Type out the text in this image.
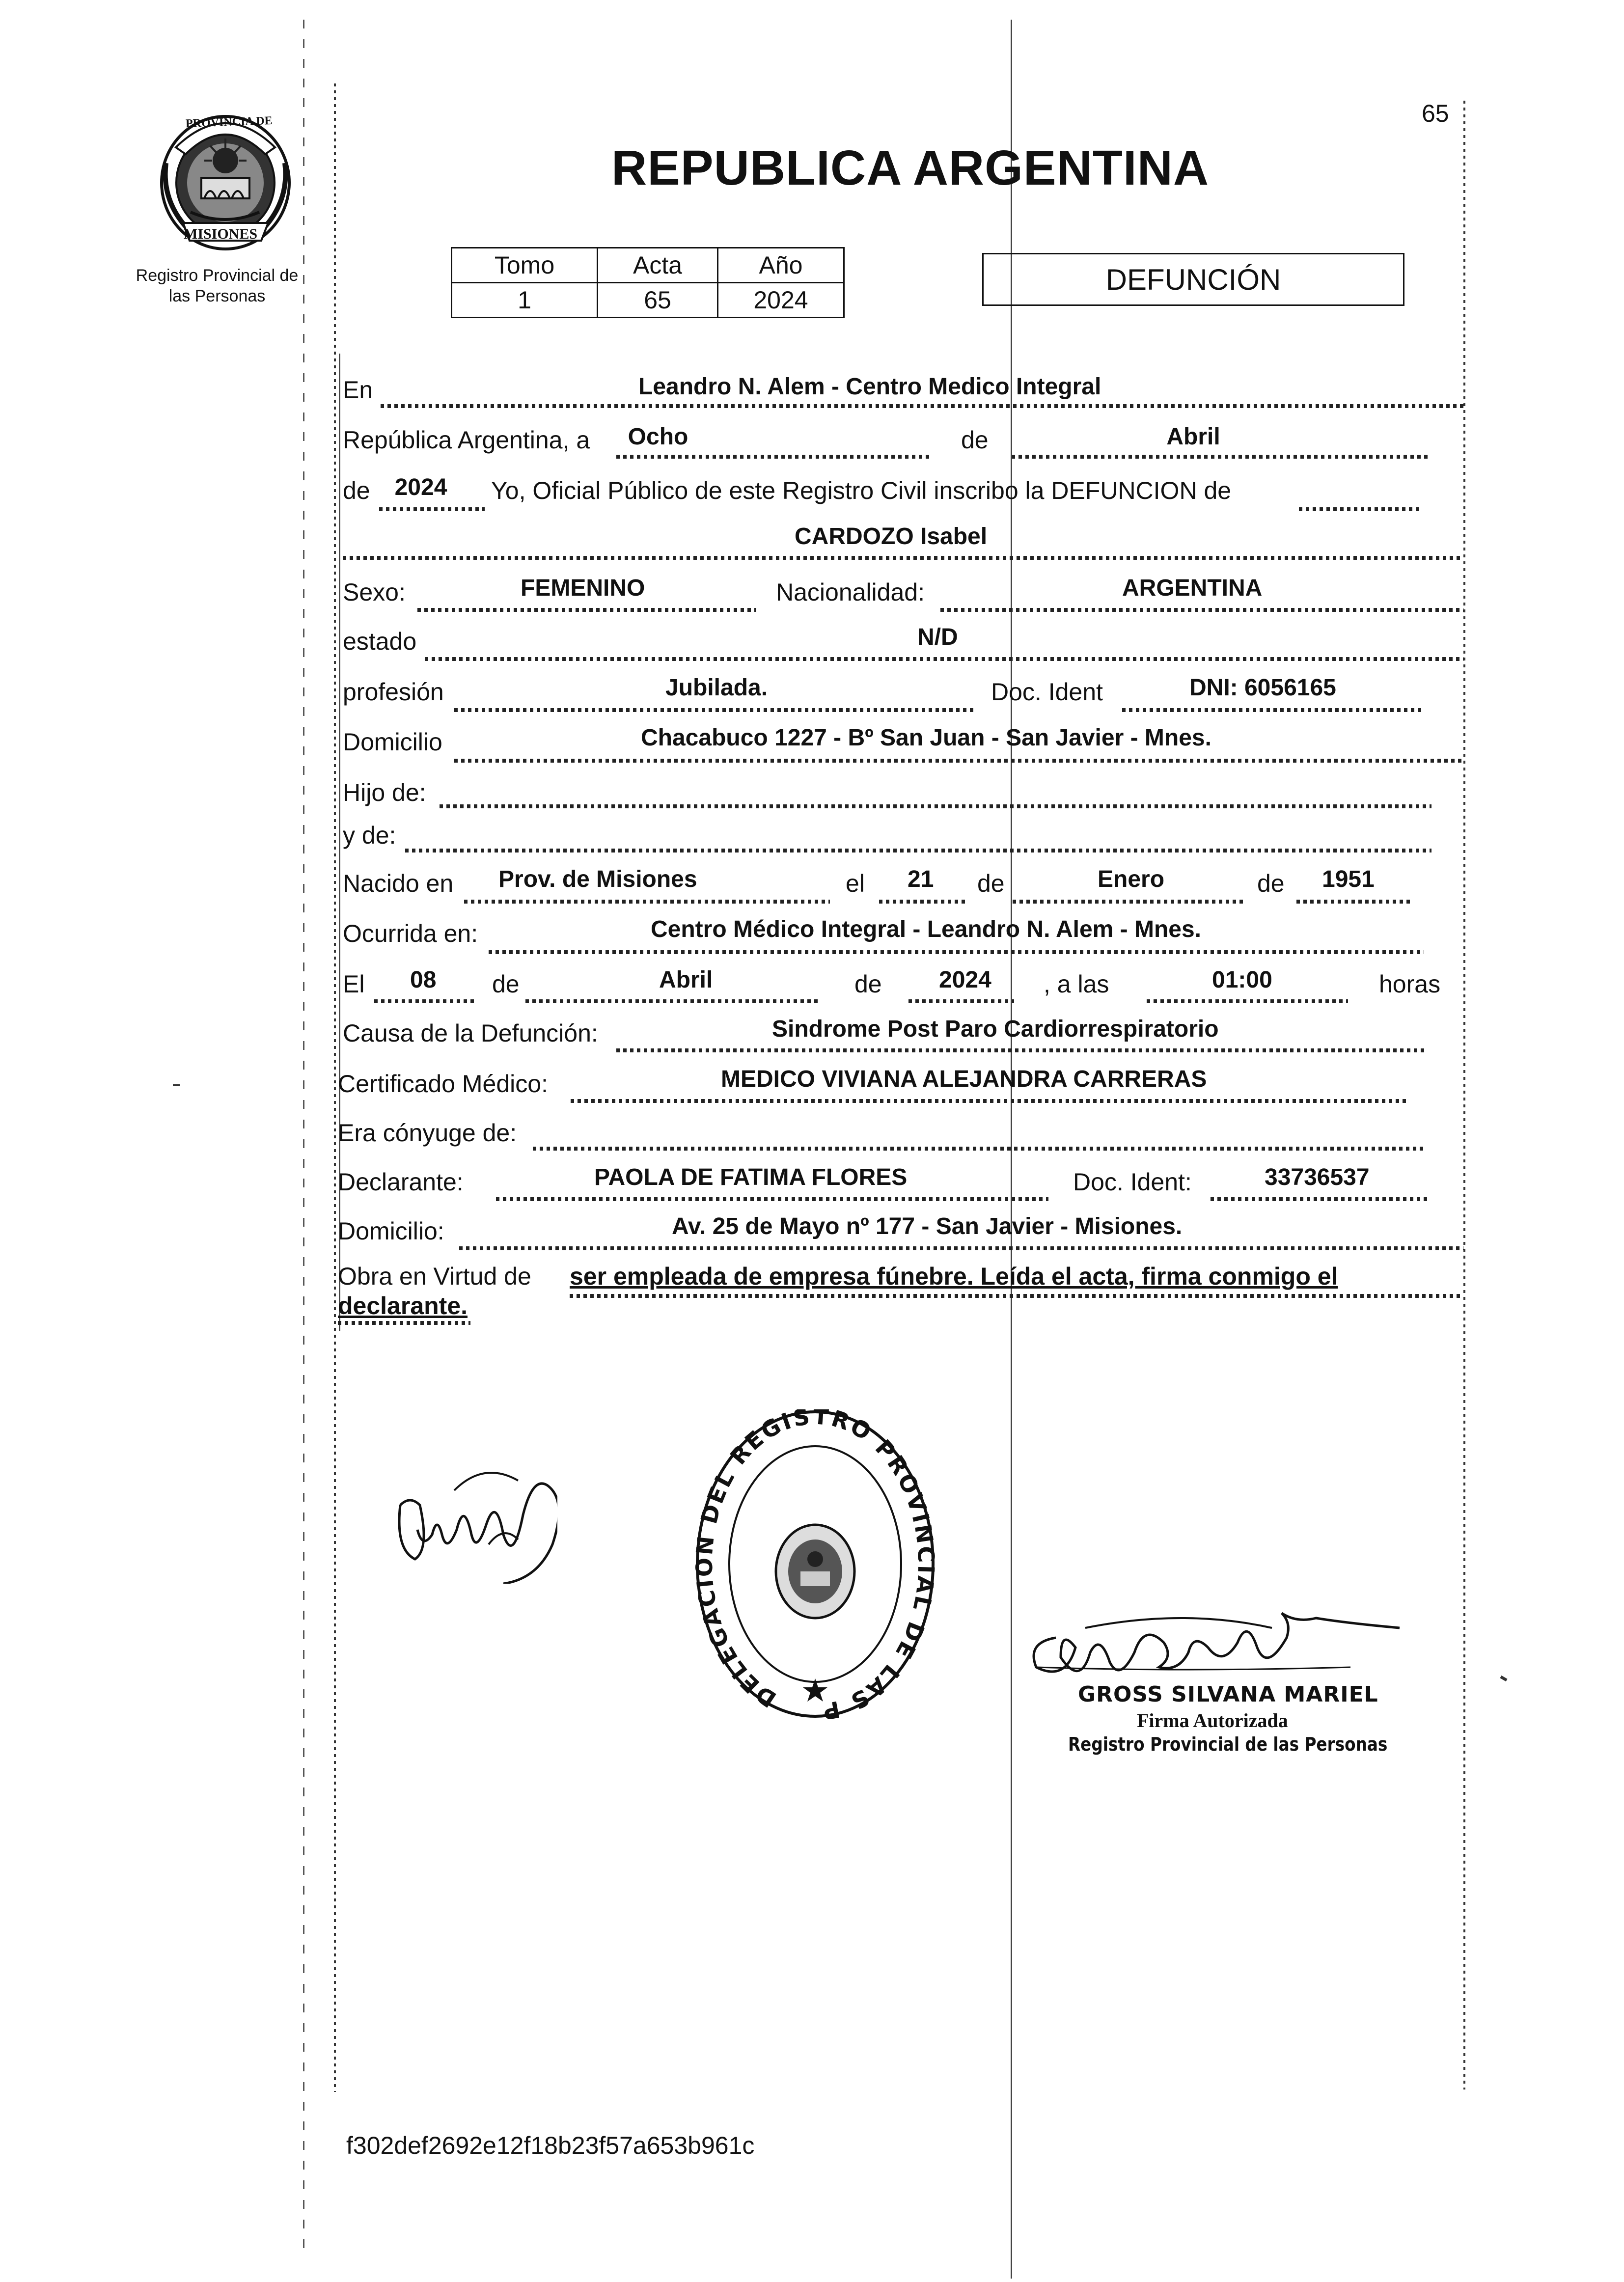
PROVINCIA DE
MISIONES
Registro Provincial de
las Personas
65
REPUBLICA ARGENTINA
Tomo	Acta	Año
1	65	2024
DEFUNCIÓN
En	Leandro N. Alem - Centro Medico Integral
República Argentina, a	Ocho	de	Abril
de	2024	Yo, Oficial Público de este Registro Civil inscribo la DEFUNCION de
CARDOZO Isabel
Sexo:	FEMENINO	Nacionalidad:	ARGENTINA
estado	N/D
profesión	Jubilada.	Doc. Ident	DNI: 6056165
Domicilio	Chacabuco 1227 - Bº San Juan - San Javier - Mnes.
Hijo de:
y de:
Nacido en Prov. de Misiones	el 21 de	Enero	de 1951
Ocurrida en:	Centro Médico Integral - Leandro N. Alem - Mnes.
El 08 de	Abril	de 2024 , a las	01:00	horas
Causa de la Defunción:	Sindrome Post Paro Cardiorrespiratorio
Certificado Médico:	MEDICO VIVIANA ALEJANDRA CARRERAS
Era cónyuge de:
Declarante:	PAOLA DE FATIMA FLORES	Doc. Ident:	33736537
Domicilio:	Av. 25 de Mayo nº 177 - San Javier - Misiones.
Obra en Virtud de ser empleada de empresa fúnebre. Leída el acta, firma conmigo el
declarante.
DELEGAC DEL REGISTRO PROVI L DE LAS P
GROSS SILVANA MARIEL
Firma Autorizada
Registro Provincial de las Personas
f302def2692e12f18b23f57a653b961c
